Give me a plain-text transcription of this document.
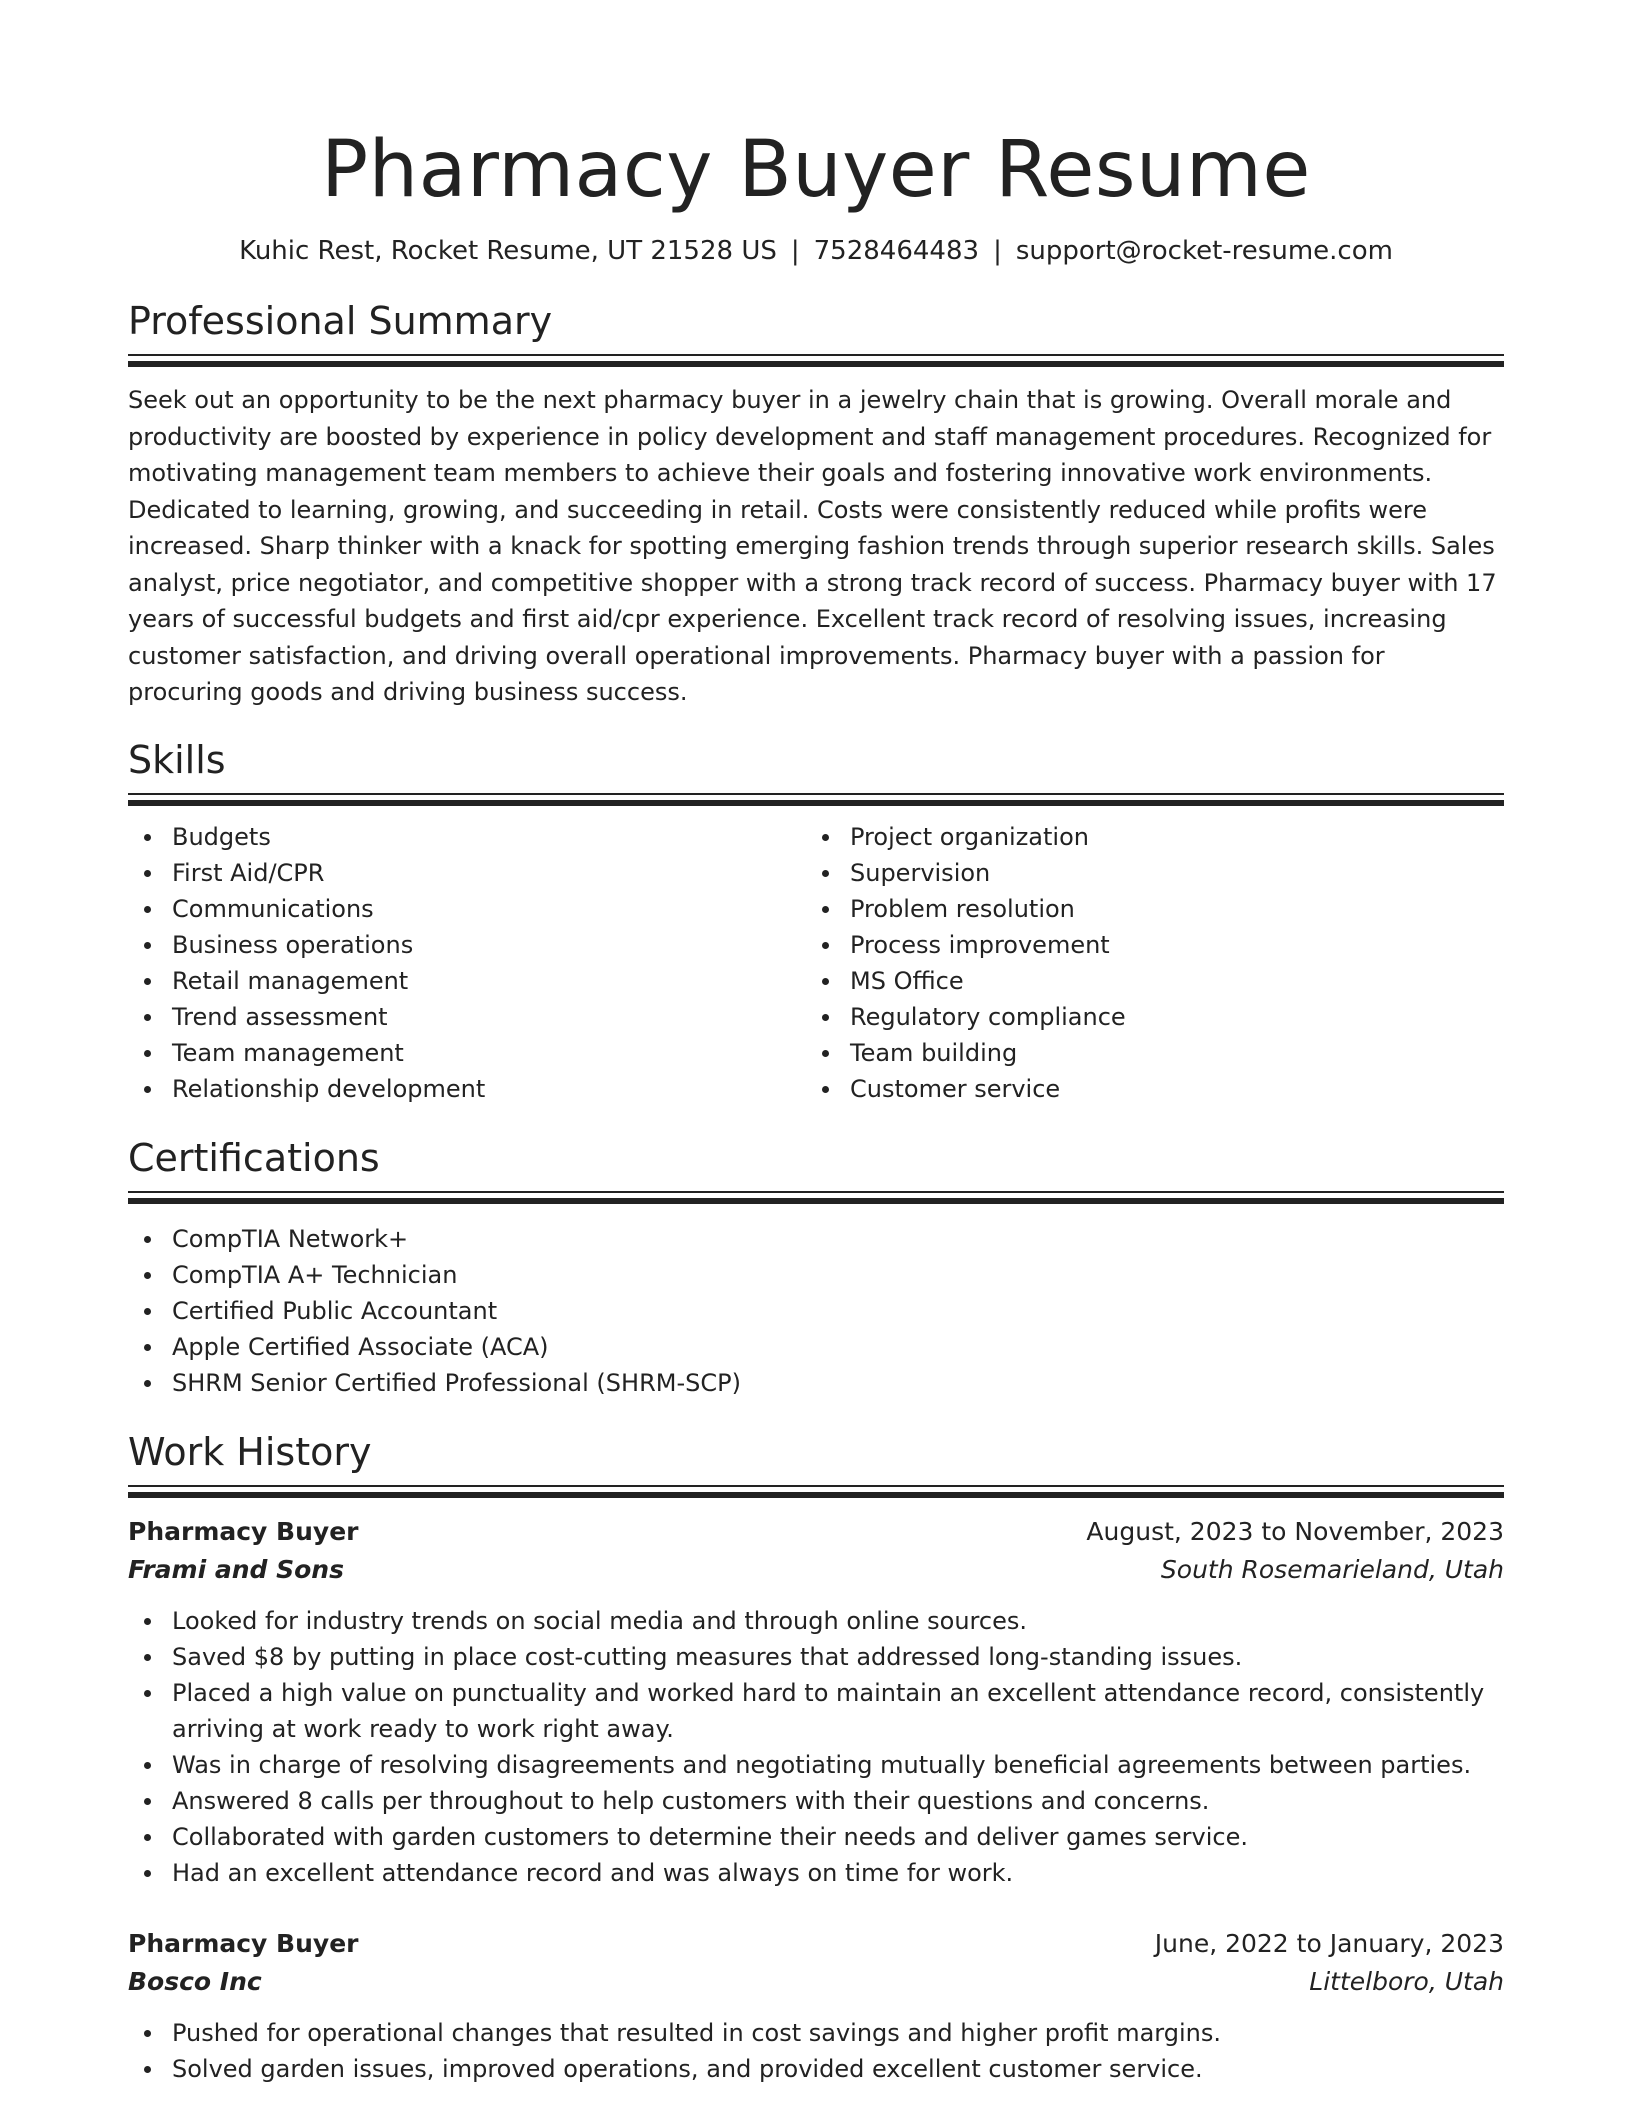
Pharmacy Buyer Resume
Kuhic Rest, Rocket Resume, UT 21528 US | 7528464483 | support@rocket-resume.com
Professional Summary

Seek out an opportunity to be the next pharmacy buyer in a jewelry chain that is growing. Overall morale and productivity are boosted by experience in policy development and staff management procedures. Recognized for motivating management team members to achieve their goals and fostering innovative work environments. Dedicated to learning, growing, and succeeding in retail. Costs were consistently reduced while profits were increased. Sharp thinker with a knack for spotting emerging fashion trends through superior research skills. Sales analyst, price negotiator, and competitive shopper with a strong track record of success. Pharmacy buyer with 17 years of successful budgets and first aid/cpr experience. Excellent track record of resolving issues, increasing customer satisfaction, and driving overall operational improvements. Pharmacy buyer with a passion for procuring goods and driving business success.

Skills
Budgets
First Aid/CPR
Communications
Business operations
Retail management
Trend assessment
Team management
Relationship development
Project organization
Supervision
Problem resolution
Process improvement
MS Office
Regulatory compliance
Team building
Customer service
Certifications
CompTIA Network+
CompTIA A+ Technician
Certified Public Accountant
Apple Certified Associate (ACA)
SHRM Senior Certified Professional (SHRM-SCP)
Work History
Pharmacy Buyer	August, 2023 to November, 2023
Frami and Sons	South Rosemarieland, Utah
Looked for industry trends on social media and through online sources.
Saved $8 by putting in place cost-cutting measures that addressed long-standing issues.
Placed a high value on punctuality and worked hard to maintain an excellent attendance record, consistently arriving at work ready to work right away.
Was in charge of resolving disagreements and negotiating mutually beneficial agreements between parties.
Answered 8 calls per throughout to help customers with their questions and concerns.
Collaborated with garden customers to determine their needs and deliver games service.
Had an excellent attendance record and was always on time for work.
Pharmacy Buyer	June, 2022 to January, 2023
Bosco Inc	Littelboro, Utah
Pushed for operational changes that resulted in cost savings and higher profit margins.
Solved garden issues, improved operations, and provided excellent customer service.
